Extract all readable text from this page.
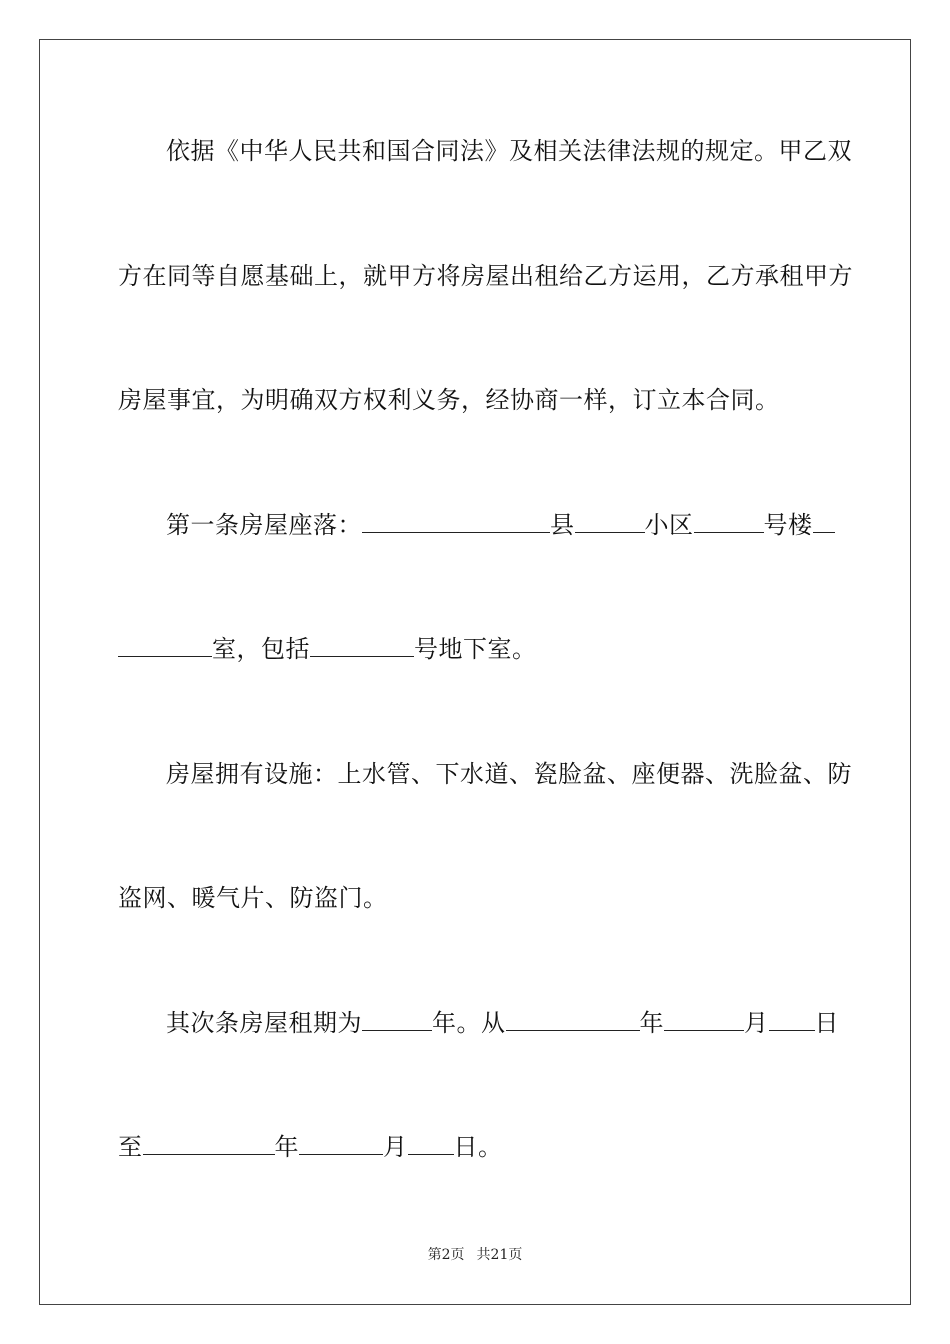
依据《中华人民共和国合同法》及相关法律法规的规定。甲乙双
方在同等自愿基础上，就甲方将房屋出租给乙方运用，乙方承租甲方
房屋事宜，为明确双方权利义务，经协商一样，订立本合同。
第一条房屋座落：	县	小区	号楼
室，包括	号地下室。
房屋拥有设施：上水管、下水道、瓷脸盆、座便器、洗脸盆、防
盗网、暖气片、防盗门。
其次条房屋租期为	年。从	年	月 日
至	年	月 日。
第2页 共21页
